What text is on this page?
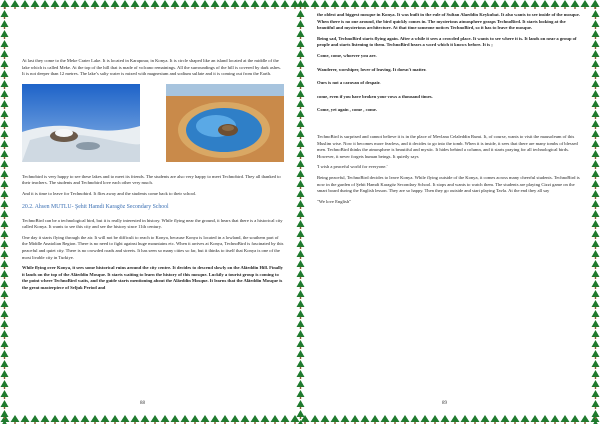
At last they come to the Meke Crater Lake. It is located in Karapınar, in Konya. It is circle shaped like an island located at the middle of the lake which is called Meke. At the top of the hill that is made of volcano remainings. All the surroundings of the hill is covered by dark ashes. It is not deeper than 12 metres. The lake’s salty water is mixed with magnesium and sodium sulfate and it is coming out from the Earth.

Technobird is very happy to see these lakes and to meet its friends. The students are also very happy to meet Technobird. They all thanked to their teachers. The students and Technobird love each other very much.

And it is time to leave for Technobird. It flies away and the students come back to their school.

20.2. Ahsen MUTLU- Şehit Hamdi Karagöz Secondary School

TechnoBird can be a technological bird, but it is really interested in history. While flying near the ground, it hears that there is a historical city called Konya. It wants to see this city and see the history since 11th century.

One day it starts flying through the air. It will not be difficult to reach to Konya, because Konya is located in a lowland, the southern part of the Middle Anatolian Region. There is no need to fight against huge mountains etc. When it arrives at Konya, TechnoBird is fascinated by this peaceful and quiet city. There is no crowded roads and streets. It has seen so many cities so far, but it thinks to itself that Konya is one of the most livable city in Turkiye.

While flying over Konya, it sees some historical ruins around the city centre. It decides to descend slowly on the Alâeddin Hill. Finally it lands on the top of the Alâeddin Mosque. It starts waiting to learn the history of this mosque. Luckily a tourist group is coming to the point where TechnoBird waits, and the guide starts mentioning about the Alâeddin Mosque. It learns that the Alâeddin Mosque is the great masterpiece of Seljuk Period and

88

the oldest and biggest mosque in Konya. It was built in the rule of Sultan Alaeddin Keykubat. It also wants to see inside of the mosque. When there is no one around, the bird quickly comes in. The mysterious atmosphere grasps TechnoBird. It starts looking at the beautiful and mysterious architecture. At that time someone notices TechnoBird, so it has to leave the mosque.

Being sad, TechnoBird starts flying again. After a while it sees a crowded place. It wants to see where it is. It lands on near a group of people and starts listening to them. TechnoBird hears a word which it knows before. It is ;

Come, come, whoever you are.

Wanderer, worshiper, lover of leaving. It doesn't matter.

Ours is not a caravan of despair.

come, even if you have broken your vows a thousand times.

Come, yet again , come , come.

TechnoBird is surprised and cannot believe it is in the place of Mevlana Celaleddin Rumi. It, of course, wants to visit the mausoleum of this Muslim wise. Now it becomes more fearless, and it decides to go into the tomb. When it is inside, it sees that there are many tombs of blessed men. TechnoBird thinks the atmosphere is beautiful and mystic. It hides behind a column, and it starts praying for all technological birds. However, it never forgets human beings. It quietly says

'I wish a peaceful world for everyone.'

Being peaceful, TechnoBird decides to leave Konya. While flying outside of the Konya, it comes across many cheerful students. TechnoBird is now in the garden of Şehit Hamdi Karagöz Secondary School. It stops and wants to watch them. The students are playing Cizzi game on the smart board during the English lesson. They are so happy. Then they go outside and start playing Tavla. At the end they all say

"We love English"

89
